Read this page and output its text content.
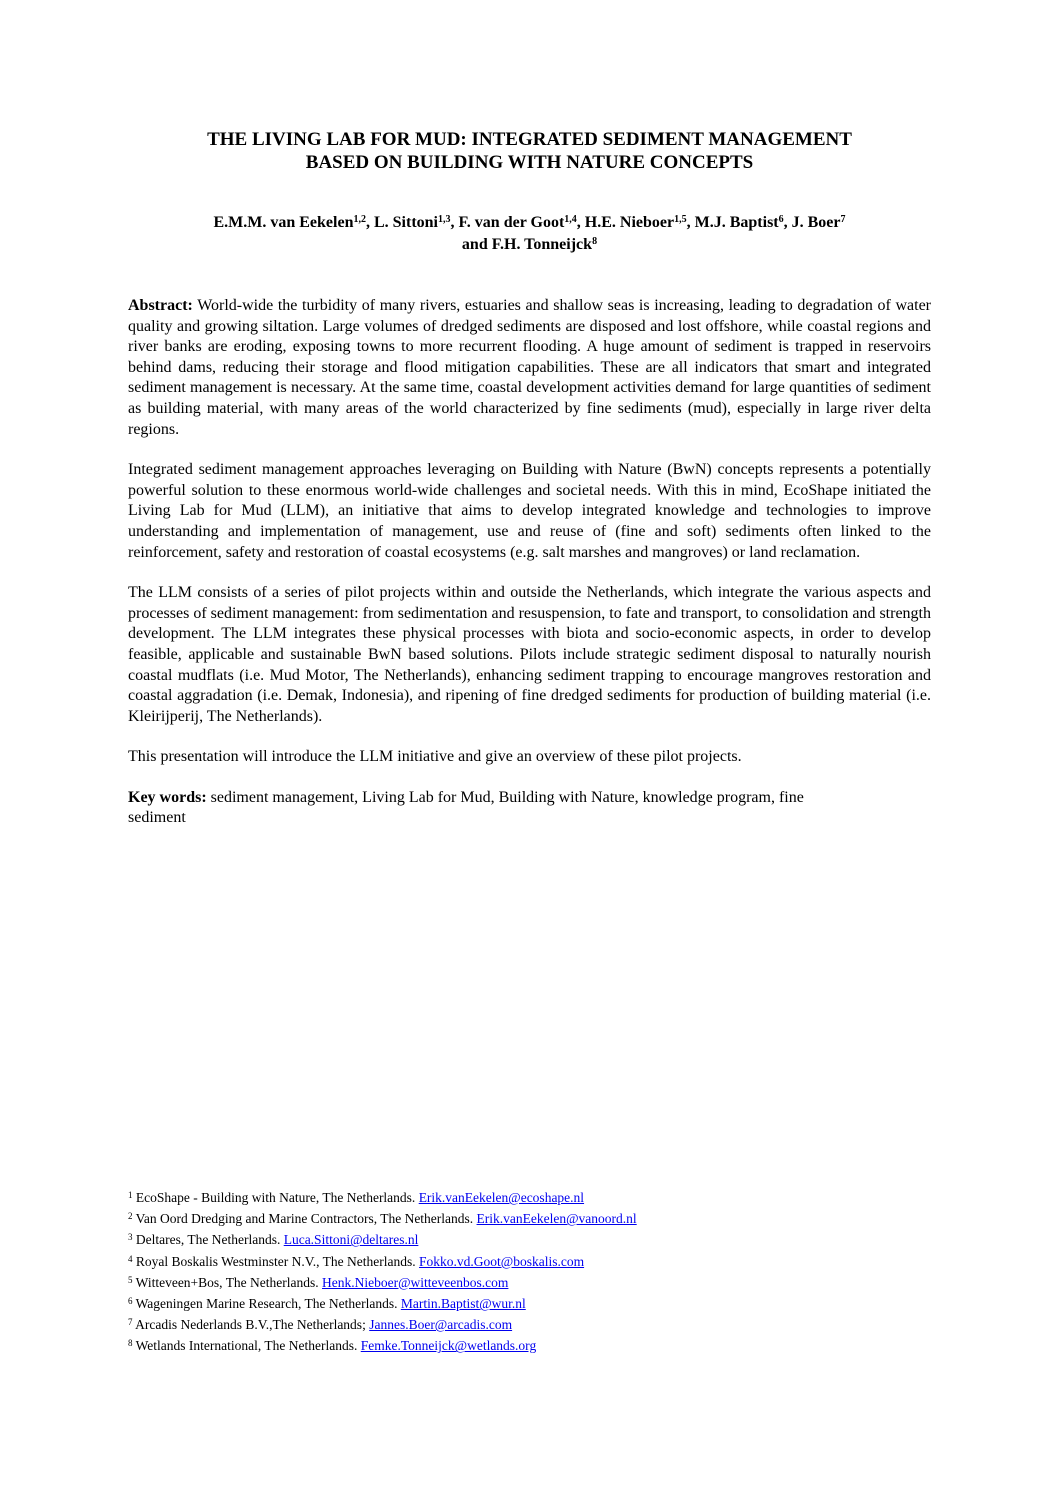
THE LIVING LAB FOR MUD: INTEGRATED SEDIMENT MANAGEMENT
BASED ON BUILDING WITH NATURE CONCEPTS
E.M.M. van Eekelen$^{1,2}$, L. Sittoni$^{1,3}$, F. van der Goot$^{1,4}$, H.E. Nieboer$^{1,5}$, M.J. Baptist$^6$, J. Boer$^7$
and F.H. Tonneijck$^8$

Abstract: World-wide the turbidity of many rivers, estuaries and shallow seas is increasing, leading to degradation of water quality and growing siltation. Large volumes of dredged sediments are disposed and lost offshore, while coastal regions and river banks are eroding, exposing towns to more recurrent flooding. A huge amount of sediment is trapped in reservoirs behind dams, reducing their storage and flood mitigation capabilities. These are all indicators that smart and integrated sediment management is necessary. At the same time, coastal development activities demand for large quantities of sediment as building material, with many areas of the world characterized by fine sediments (mud), especially in large river delta regions.

Integrated sediment management approaches leveraging on Building with Nature (BwN) concepts represents a potentially powerful solution to these enormous world-wide challenges and societal needs. With this in mind, EcoShape initiated the Living Lab for Mud (LLM), an initiative that aims to develop integrated knowledge and technologies to improve understanding and implementation of management, use and reuse of (fine and soft) sediments often linked to the reinforcement, safety and restoration of coastal ecosystems (e.g. salt marshes and mangroves) or land reclamation.

The LLM consists of a series of pilot projects within and outside the Netherlands, which integrate the various aspects and processes of sediment management: from sedimentation and resuspension, to fate and transport, to consolidation and strength development. The LLM integrates these physical processes with biota and socio-economic aspects, in order to develop feasible, applicable and sustainable BwN based solutions. Pilots include strategic sediment disposal to naturally nourish coastal mudflats (i.e. Mud Motor, The Netherlands), enhancing sediment trapping to encourage mangroves restoration and coastal aggradation (i.e. Demak, Indonesia), and ripening of fine dredged sediments for production of building material (i.e. Kleirijperij, The Netherlands).

This presentation will introduce the LLM initiative and give an overview of these pilot projects.

Key words: sediment management, Living Lab for Mud, Building with Nature, knowledge program, fine
sediment

$^1$ EcoShape - Building with Nature, The Netherlands. Erik.vanEekelen@ecoshape.nl
$^2$ Van Oord Dredging and Marine Contractors, The Netherlands. Erik.vanEekelen@vanoord.nl
$^3$ Deltares, The Netherlands. Luca.Sittoni@deltares.nl
$^4$ Royal Boskalis Westminster N.V., The Netherlands. Fokko.vd.Goot@boskalis.com
$^5$ Witteveen+Bos, The Netherlands. Henk.Nieboer@witteveenbos.com
$^6$ Wageningen Marine Research, The Netherlands. Martin.Baptist@wur.nl
$^7$ Arcadis Nederlands B.V.,The Netherlands; Jannes.Boer@arcadis.com
$^8$ Wetlands International, The Netherlands. Femke.Tonneijck@wetlands.org
